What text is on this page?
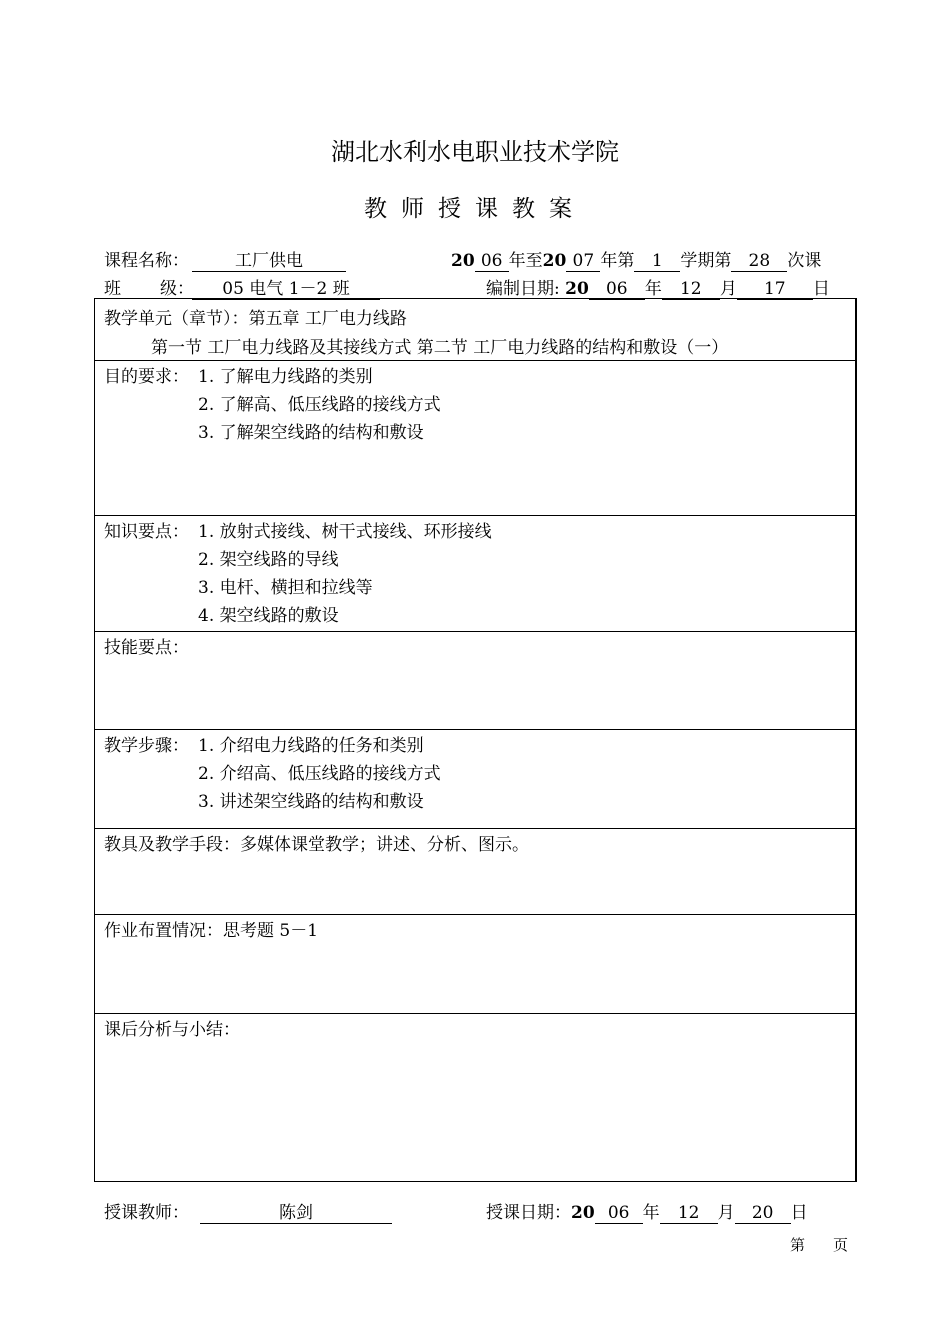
湖北水利水电职业技术学院
教师授课教案
课程名称：	工厂供电	20 06 年至20 07 年第 1 学期第 28 次课
班 级：	05 电气 1－2 班	编制日期: 20 06 年 12 月 17 日
教学单元（章节）：第五章 工厂电力线路
第一节 工厂电力线路及其接线方式 第二节 工厂电力线路的结构和敷设（一）
目的要求： 1. 了解电力线路的类别
2. 了解高、低压线路的接线方式
3. 了解架空线路的结构和敷设
知识要点： 1. 放射式接线、树干式接线、环形接线
2. 架空线路的导线
3. 电杆、横担和拉线等
4. 架空线路的敷设
技能要点：
教学步骤： 1. 介绍电力线路的任务和类别
2. 介绍高、低压线路的接线方式
3. 讲述架空线路的结构和敷设
教具及教学手段：多媒体课堂教学；讲述、分析、图示。
作业布置情况：思考题 5－1
课后分析与小结：
授课教师：	陈剑	授课日期：20 06 年 12 月 20 日
第 页
